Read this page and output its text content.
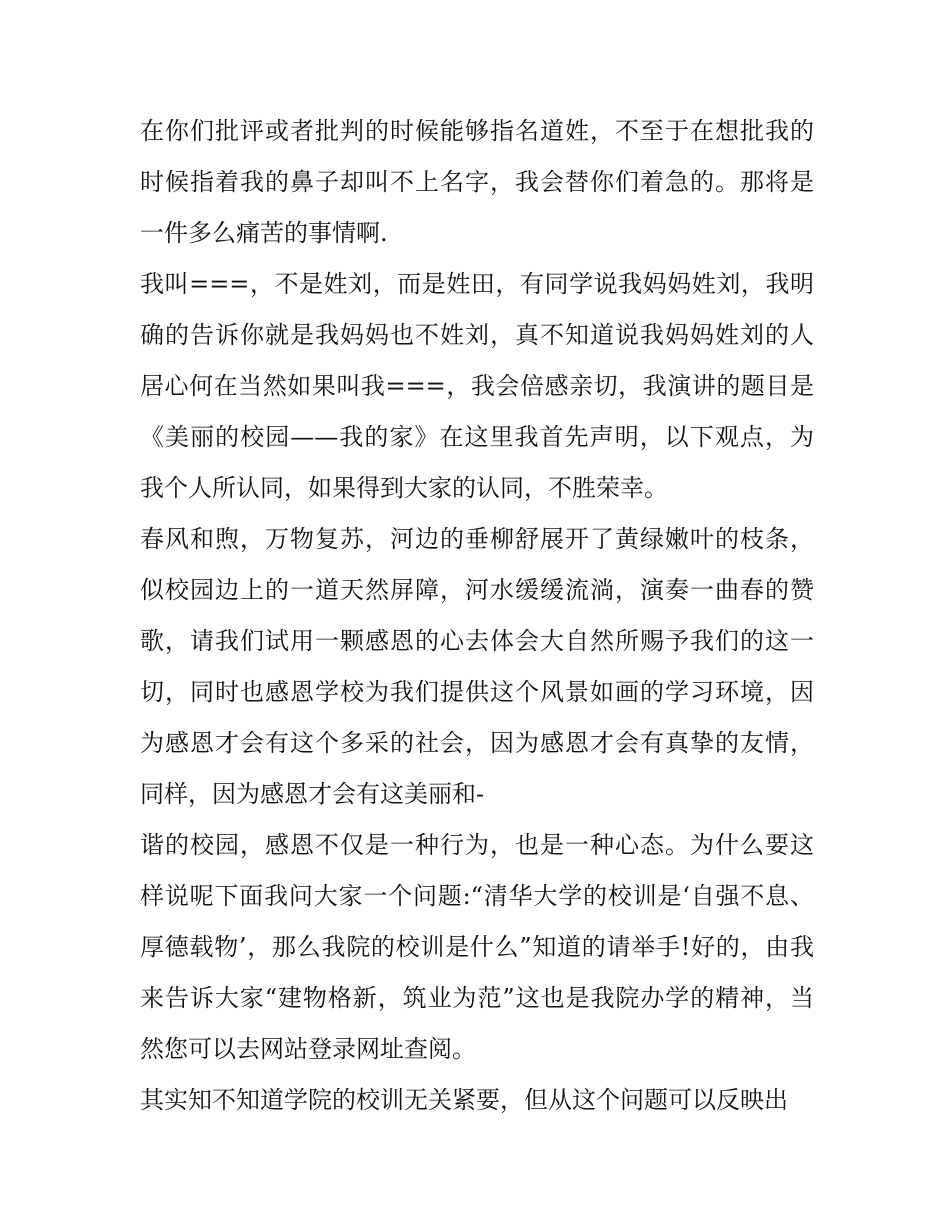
在你们批评或者批判的时候能够指名道姓，不至于在想批我的
时候指着我的鼻子却叫不上名字，我会替你们着急的。那将是
一件多么痛苦的事情啊.
我叫===，不是姓刘，而是姓田，有同学说我妈妈姓刘，我明
确的告诉你就是我妈妈也不姓刘，真不知道说我妈妈姓刘的人
居心何在当然如果叫我===，我会倍感亲切，我演讲的题目是
《美丽的校园——我的家》在这里我首先声明，以下观点，为
我个人所认同，如果得到大家的认同，不胜荣幸。
春风和煦，万物复苏，河边的垂柳舒展开了黄绿嫩叶的枝条，
似校园边上的一道天然屏障，河水缓缓流淌，演奏一曲春的赞
歌，请我们试用一颗感恩的心去体会大自然所赐予我们的这一
切，同时也感恩学校为我们提供这个风景如画的学习环境，因
为感恩才会有这个多采的社会，因为感恩才会有真挚的友情，
同样，因为感恩才会有这美丽和-
谐的校园，感恩不仅是一种行为，也是一种心态。为什么要这
样说呢下面我问大家一个问题:“清华大学的校训是‘自强不息、
厚德载物’，那么我院的校训是什么”知道的请举手!好的，由我
来告诉大家“建物格新，筑业为范”这也是我院办学的精神，当
然您可以去网站登录网址查阅。
其实知不知道学院的校训无关紧要，但从这个问题可以反映出
